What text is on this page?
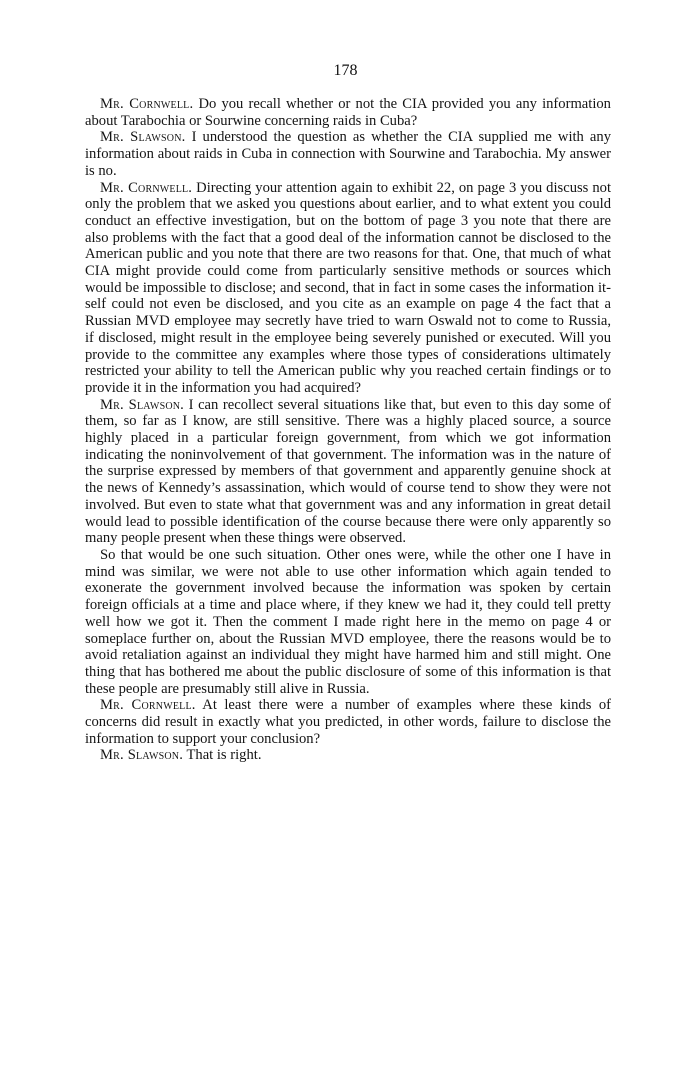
178

Mr. Cornwell. Do you recall whether or not the CIA provided you any information about Tarabochia or Sourwine concerning raids in Cuba?

Mr. Slawson. I understood the question as whether the CIA supplied me with any information about raids in Cuba in connection with Sourwine and Tarabochia. My answer is no.

Mr. Cornwell. Directing your attention again to exhibit 22, on page 3 you discuss not only the problem that we asked you questions about earlier, and to what extent you could conduct an effective investigation, but on the bottom of page 3 you note that there are also problems with the fact that a good deal of the information cannot be disclosed to the American public and you note that there are two reasons for that. One, that much of what CIA might provide could come from particularly sensitive methods or sources which would be impossible to disclose; and second, that in fact in some cases the information itself could not even be disclosed, and you cite as an example on page 4 the fact that a Russian MVD employee may secretly have tried to warn Oswald not to come to Russia, if disclosed, might result in the employee being severely punished or executed. Will you provide to the committee any examples where those types of considerations ultimately restricted your ability to tell the American public why you reached certain findings or to provide it in the information you had acquired?

Mr. Slawson. I can recollect several situations like that, but even to this day some of them, so far as I know, are still sensitive. There was a highly placed source, a source highly placed in a particular foreign government, from which we got information indicating the noninvolvement of that government. The information was in the nature of the surprise expressed by members of that government and apparently genuine shock at the news of Kennedy’s assassination, which would of course tend to show they were not involved. But even to state what that government was and any information in great detail would lead to possible identification of the course because there were only apparently so many people present when these things were observed.

So that would be one such situation. Other ones were, while the other one I have in mind was similar, we were not able to use other information which again tended to exonerate the government involved because the information was spoken by certain foreign officials at a time and place where, if they knew we had it, they could tell pretty well how we got it. Then the comment I made right here in the memo on page 4 or someplace further on, about the Russian MVD employee, there the reasons would be to avoid retaliation against an individual they might have harmed him and still might. One thing that has bothered me about the public disclosure of some of this information is that these people are presumably still alive in Russia.

Mr. Cornwell. At least there were a number of examples where these kinds of concerns did result in exactly what you predicted, in other words, failure to disclose the information to support your conclusion?

Mr. Slawson. That is right.
